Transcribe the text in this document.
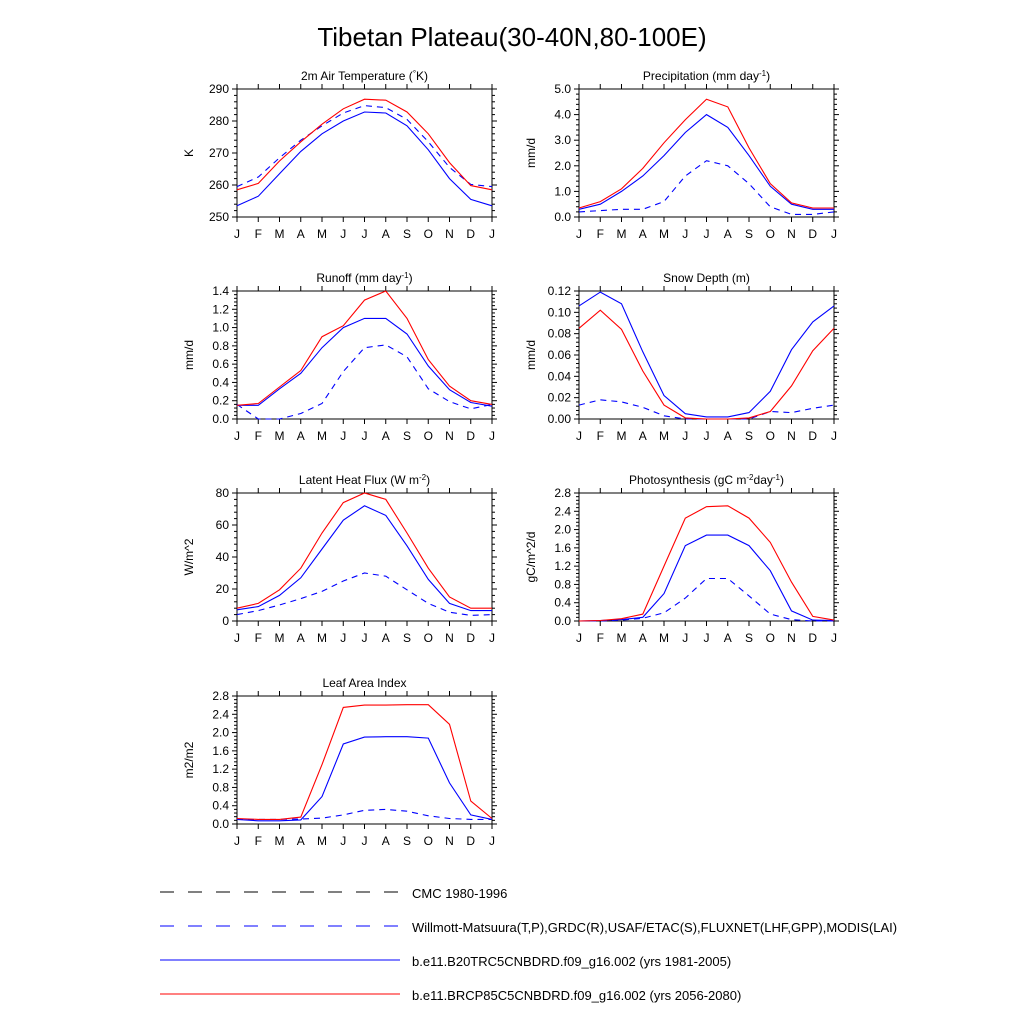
Tibetan Plateau(30-40N,80-100E)
2m Air Temperature (°K)
250
260
270
280
290
J F M A M J J A S O N D J
K
Precipitation (mm day$^{-1}$)
0.0
1.0
2.0
3.0
4.0
5.0
J F M A M J J A S O N D J
mm/d
Runoff (mm day$^{-1}$)
0.0
0.2
0.4
0.6
0.8
1.0
1.2
1.4
J F M A M J J A S O N D J
mm/d
Snow Depth (m)
0.00
0.02
0.04
0.06
0.08
0.10
0.12
J F M A M J J A S O N D J
mm/d
Latent Heat Flux (W $m^{-2}$)
0
20
40
60
80
J F M A M J J A S O N D J
W/m^2
Photosynthesis (gC $m^{-2}day^{-1}$)
0.0
0.4
0.8
1.2
1.6
2.0
2.4
2.8
J F M A M J J A S O N D J
gC/m^2/d
Leaf Area Index
0.0
0.4
0.8
1.2
1.6
2.0
2.4
2.8
J F M A M J J A S O N D J
m2/m2
CMC 1980-1996
Willmott-Matsuura(T,P),GRDC(R),USAF/ETAC(S),FLUXNET(LHF,GPP),MODIS(LAI)
b.e11.B20TRC5CNBDRD.f09_g16.002 (yrs 1981-2005)
b.e11.BRCP85C5CNBDRD.f09_g16.002 (yrs 2056-2080)
